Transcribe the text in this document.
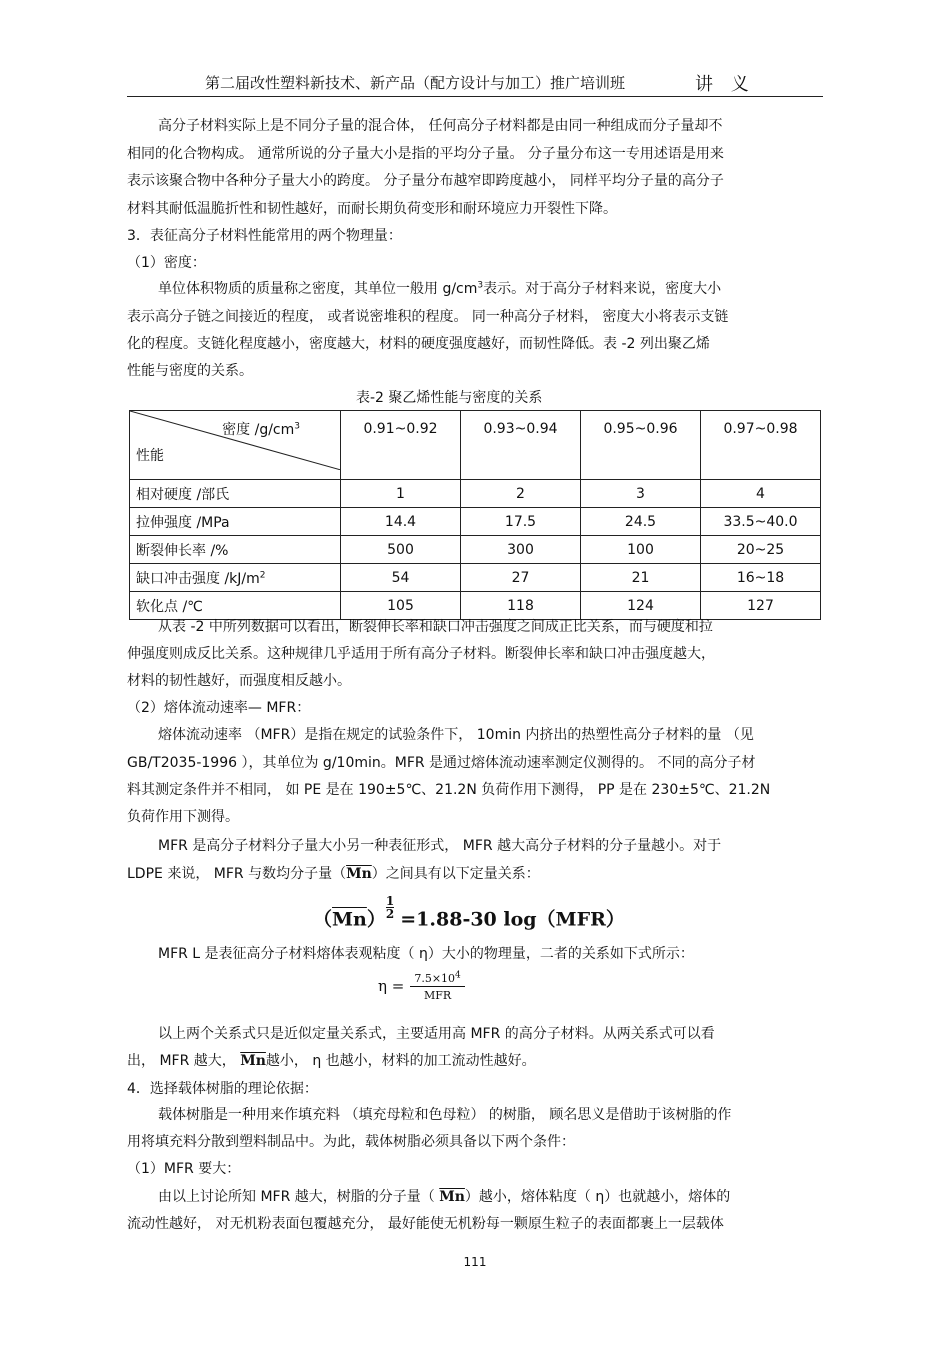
第二届改性塑料新技术、新产品（配方设计与加工）推广培训班	讲 义
高分子材料实际上是不同分子量的混合体， 任何高分子材料都是由同一种组成而分子量却不
相同的化合物构成。 通常所说的分子量大小是指的平均分子量。 分子量分布这一专用述语是用来
表示该聚合物中各种分子量大小的跨度。 分子量分布越窄即跨度越小， 同样平均分子量的高分子
材料其耐低温脆折性和韧性越好，而耐长期负荷变形和耐环境应力开裂性下降。
3．表征高分子材料性能常用的两个物理量：
（1）密度：
单位体积物质的质量称之密度，其单位一般用 $g/cm^3$表示。对于高分子材料来说，密度大小
表示高分子链之间接近的程度， 或者说密堆积的程度。 同一种高分子材料， 密度大小将表示支链
化的程度。支链化程度越小，密度越大，材料的硬度强度越好，而韧性降低。表 -2 列出聚乙烯
性能与密度的关系。
表-2 聚乙烯性能与密度的关系
密度 $/g/cm^3$
性能	0.91~0.92	0.93~0.94	0.95~0.96	0.97~0.98
相对硬度 /部氏	1	2	3	4
拉伸强度 /MPa	14.4	17.5	24.5	33.5~40.0
断裂伸长率 /%	500	300	100	20~25
缺口冲击强度 $/kJ/m^2$	54	27	21	16~18
软化点 /℃	105	118	124	127
从表 -2 中所列数据可以看出，断裂伸长率和缺口冲击强度之间成正比关系，而与硬度和拉
伸强度则成反比关系。这种规律几乎适用于所有高分子材料。断裂伸长率和缺口冲击强度越大，
材料的韧性越好，而强度相反越小。
（2）熔体流动速率— MFR：
熔体流动速率 （MFR）是指在规定的试验条件下， 10min 内挤出的热塑性高分子材料的量 （见
GB/T2035-1996 ），其单位为 g/10min。MFR 是通过熔体流动速率测定仪测得的。 不同的高分子材
料其测定条件并不相同， 如 PE 是在 190±5℃、21.2N 负荷作用下测得， PP 是在 230±5℃、21.2N
负荷作用下测得。
MFR 是高分子材料分子量大小另一种表征形式， MFR 越大高分子材料的分子量越小。对于
LDPE 来说， MFR 与数均分子量$(\overline{Mn})$之间具有以下定量关系：
$(\overline{Mn}) \frac{1}{2} =1.88-30$ log（MFR）
MFR L 是表征高分子材料熔体表观粘度（ η）大小的物理量，二者的关系如下式所示：
$\eta = \frac{7.5\times 10^4}{\text{MFR}}$
以上两个关系式只是近似定量关系式，主要适用高 MFR 的高分子材料。从两关系式可以看
出， MFR 越大， $\overline{Mn}$越小， η 也越小，材料的加工流动性越好。
4．选择载体树脂的理论依据：
载体树脂是一种用来作填充料 （填充母粒和色母粒） 的树脂， 顾名思义是借助于该树脂的作
用将填充料分散到塑料制品中。为此，载体树脂必须具备以下两个条件：
（1）MFR 要大：
由以上讨论所知 MFR 越大，树脂的分子量（ $\overline{Mn}$）越小，熔体粘度（ η）也就越小，熔体的
流动性越好， 对无机粉表面包覆越充分， 最好能使无机粉每一颗原生粒子的表面都裹上一层载体
111
